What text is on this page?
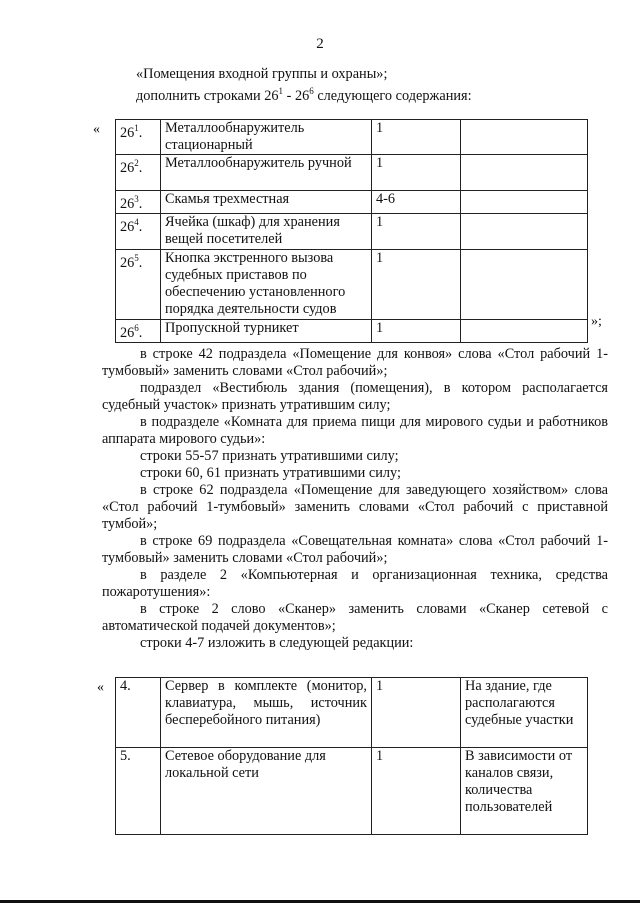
2
«Помещения входной группы и охраны»;
дополнить строками $26^1 - 26^6$ следующего содержания:
« $26^1$.	Металлообнаружитель стационарный	1	
$26^2$.	Металлообнаружитель ручной	1	
$26^3$.	Скамья трехместная	4-6	
$26^4$.	Ячейка (шкаф) для хранения вещей посетителей	1	
$26^5$.	Кнопка экстренного вызова судебных приставов по обеспечению установленного порядка деятельности судов	1	
$26^6$.	Пропускной турникет	1		»;

в строке 42 подраздела «Помещение для конвоя» слова «Стол рабочий 1-тумбовый» заменить словами «Стол рабочий»;

подраздел «Вестибюль здания (помещения), в котором располагается судебный участок» признать утратившим силу;

в подразделе «Комната для приема пищи для мирового судьи и работников аппарата мирового судьи»:

строки 55-57 признать утратившими силу;

строки 60, 61 признать утратившими силу;

в строке 62 подраздела «Помещение для заведующего хозяйством» слова «Стол рабочий 1-тумбовый» заменить словами «Стол рабочий с приставной тумбой»;

в строке 69 подраздела «Совещательная комната» слова «Стол рабочий 1-тумбовый» заменить словами «Стол рабочий»;

в разделе 2 «Компьютерная и организационная техника, средства пожаротушения»:

в строке 2 слово «Сканер» заменить словами «Сканер сетевой с автоматической подачей документов»;

строки 4-7 изложить в следующей редакции:

« 4.	Сервер в комплекте (монитор, клавиатура, мышь, источник бесперебойного питания)	1	На здание, где располагаются судебные участки
5.	Сетевое оборудование для локальной сети	1	В зависимости от каналов связи, количества пользователей
